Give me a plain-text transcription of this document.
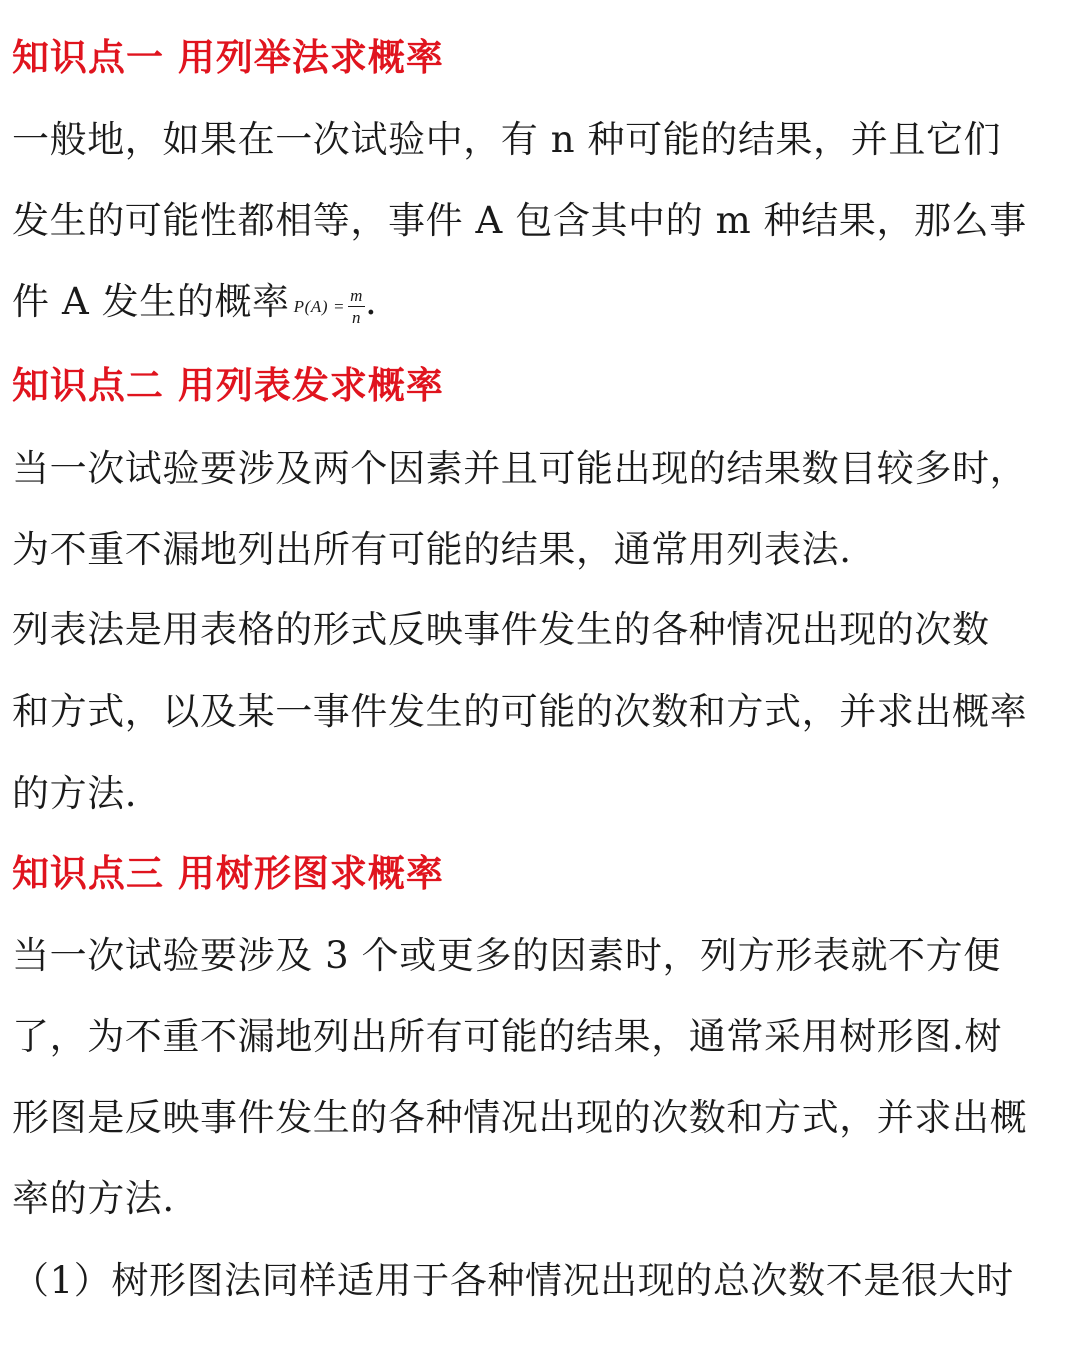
知识点一 用列举法求概率
一般地，如果在一次试验中，有 n 种可能的结果，并且它们
发生的可能性都相等，事件 A 包含其中的 m 种结果，那么事
件 A 发生的概率 $P(A) = \frac{m}{n}$ .
知识点二 用列表发求概率
当一次试验要涉及两个因素并且可能出现的结果数目较多时，
为不重不漏地列出所有可能的结果，通常用列表法.
列表法是用表格的形式反映事件发生的各种情况出现的次数
和方式，以及某一事件发生的可能的次数和方式，并求出概率
的方法.
知识点三 用树形图求概率
当一次试验要涉及 3 个或更多的因素时，列方形表就不方便
了，为不重不漏地列出所有可能的结果，通常采用树形图.树
形图是反映事件发生的各种情况出现的次数和方式，并求出概
率的方法.
（1）树形图法同样适用于各种情况出现的总次数不是很大时
